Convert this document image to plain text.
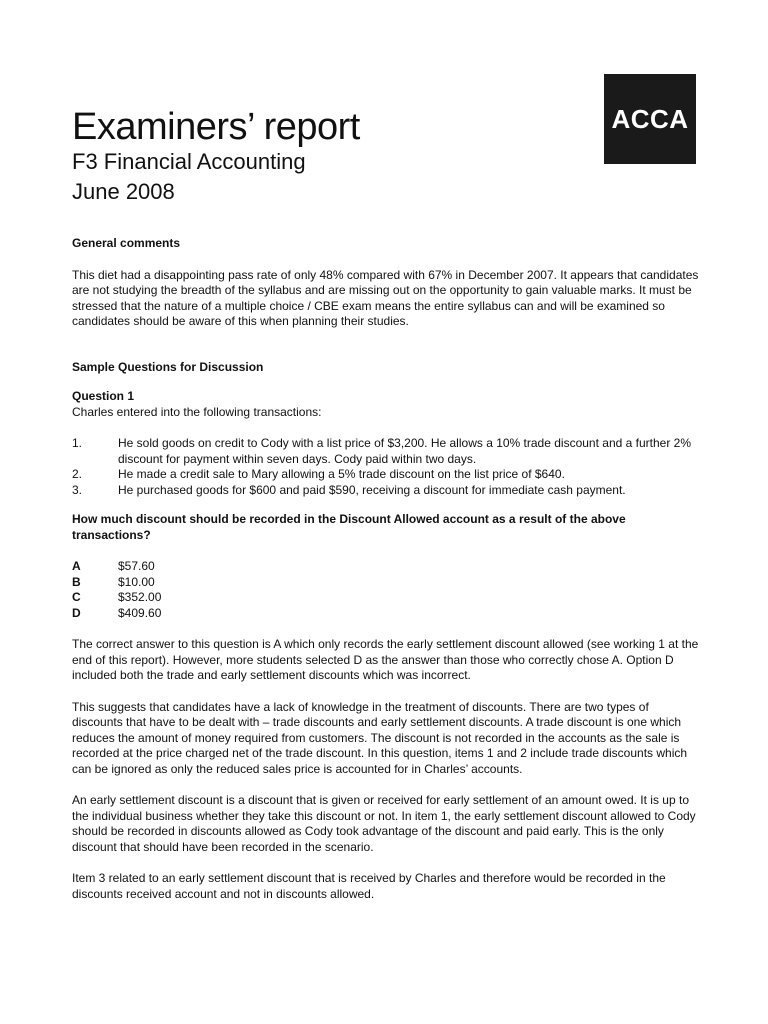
ACCA
Examiners’ report
F3 Financial Accounting
June 2008

General comments

This diet had a disappointing pass rate of only 48% compared with 67% in December 2007. It appears that candidates are not studying the breadth of the syllabus and are missing out on the opportunity to gain valuable marks. It must be stressed that the nature of a multiple choice / CBE exam means the entire syllabus can and will be examined so candidates should be aware of this when planning their studies.

Sample Questions for Discussion

Question 1

Charles entered into the following transactions:

1.	He sold goods on credit to Cody with a list price of $3,200. He allows a 10% trade discount and a further 2% discount for payment within seven days. Cody paid within two days.
2.	He made a credit sale to Mary allowing a 5% trade discount on the list price of $640.
3.	He purchased goods for $600 and paid $590, receiving a discount for immediate cash payment.

How much discount should be recorded in the Discount Allowed account as a result of the above transactions?

A	$57.60
B	$10.00
C	$352.00
D	$409.60

The correct answer to this question is A which only records the early settlement discount allowed (see working 1 at the end of this report). However, more students selected D as the answer than those who correctly chose A. Option D included both the trade and early settlement discounts which was incorrect.

This suggests that candidates have a lack of knowledge in the treatment of discounts. There are two types of discounts that have to be dealt with – trade discounts and early settlement discounts. A trade discount is one which reduces the amount of money required from customers. The discount is not recorded in the accounts as the sale is recorded at the price charged net of the trade discount. In this question, items 1 and 2 include trade discounts which can be ignored as only the reduced sales price is accounted for in Charles’ accounts.

An early settlement discount is a discount that is given or received for early settlement of an amount owed. It is up to the individual business whether they take this discount or not. In item 1, the early settlement discount allowed to Cody should be recorded in discounts allowed as Cody took advantage of the discount and paid early. This is the only discount that should have been recorded in the scenario.

Item 3 related to an early settlement discount that is received by Charles and therefore would be recorded in the discounts received account and not in discounts allowed.
